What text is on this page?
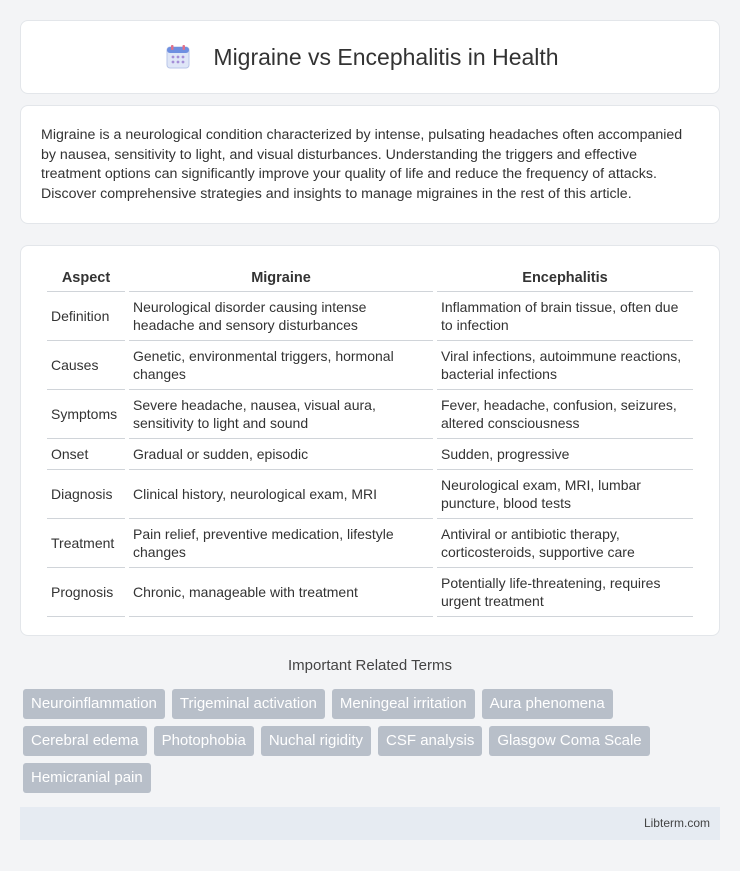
Migraine vs Encephalitis in Health

Migraine is a neurological condition characterized by intense, pulsating headaches often accompanied by nausea, sensitivity to light, and visual disturbances. Understanding the triggers and effective treatment options can significantly improve your quality of life and reduce the frequency of attacks. Discover comprehensive strategies and insights to manage migraines in the rest of this article.

Aspect	Migraine	Encephalitis
Definition	Neurological disorder causing intense headache and sensory disturbances	Inflammation of brain tissue, often due to infection
Causes	Genetic, environmental triggers, hormonal changes	Viral infections, autoimmune reactions, bacterial infections
Symptoms	Severe headache, nausea, visual aura, sensitivity to light and sound	Fever, headache, confusion, seizures, altered consciousness
Onset	Gradual or sudden, episodic	Sudden, progressive
Diagnosis	Clinical history, neurological exam, MRI	Neurological exam, MRI, lumbar puncture, blood tests
Treatment	Pain relief, preventive medication, lifestyle changes	Antiviral or antibiotic therapy, corticosteroids, supportive care
Prognosis	Chronic, manageable with treatment	Potentially life-threatening, requires urgent treatment
Important Related Terms
Neuroinflammation	Trigeminal activation	Meningeal irritation	Aura phenomena
Cerebral edema	Photophobia	Nuchal rigidity	CSF analysis	Glasgow Coma Scale
Hemicranial pain
Libterm.com
